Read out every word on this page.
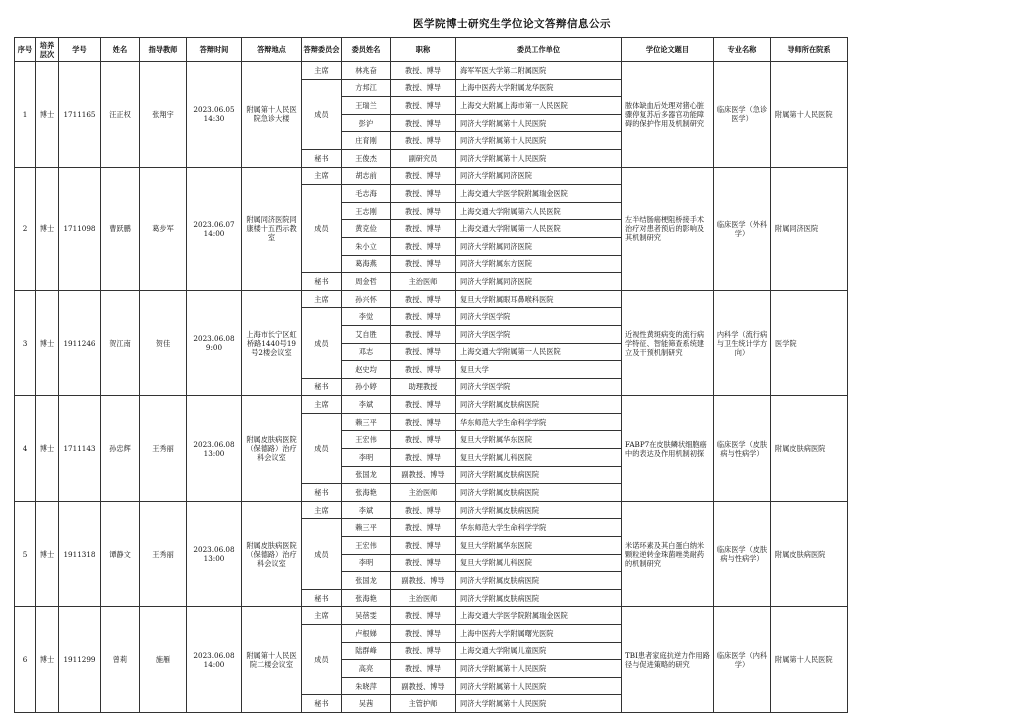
医学院博士研究生学位论文答辩信息公示
序号	培养层次	学号	姓名	指导教师	答辩时间	答辩地点	答辩委员会	委员姓名	职称	委员工作单位	学位论文题目	专业名称	导师所在院系
1	博士	1711165	汪正权	张翔宇	2023.06.05 14:30	附属第十人民医院急诊大楼	主席	林兆奋	教授、博导	海军军医大学第二附属医院	脓体缺血后处理对猪心脏骤停复苏后多器官功能障碍的保护作用及机制研究	临床医学（急诊医学）	附属第十人民医院
							成员	方邦江	教授、博导	上海中医药大学附属龙华医院			
								王瑞兰	教授、博导	上海交大附属上海市第一人民医院			
								彭沪	教授、博导	同济大学附属第十人民医院			
								庄育刚	教授、博导	同济大学附属第十人民医院			
							秘书	王俊杰	副研究员	同济大学附属第十人民医院			
2	博士	1711098	曹跃鹏	葛步军	2023.06.07 14:00	附属同济医院同康楼十五西示教室	主席	胡志前	教授、博导	同济大学附属同济医院	左半结肠癌梗阻桥接手术治疗对患者预后的影响及其机制研究	临床医学（外科学）	附属同济医院
							成员	毛志海	教授、博导	上海交通大学医学院附属瑞金医院			
								王志刚	教授、博导	上海交通大学附属第六人民医院			
								黄克俭	教授、博导	上海交通大学附属第一人民医院			
								朱小立	教授、博导	同济大学附属同济医院			
								葛海燕	教授、博导	同济大学附属东方医院			
							秘书	周金哲	主治医师	同济大学附属同济医院			
3	博士	1911246	贺江南	贺佳	2023.06.08 9:00	上海市长宁区虹桥路1440号19号2楼会议室	主席	孙兴怀	教授、博导	复旦大学附属眼耳鼻喉科医院	近视性黄斑病变的流行病学特征、智能筛查系统建立及干预机制研究	内科学（流行病与卫生统计学方向）	医学院
							成员	李觉	教授、博导	同济大学医学院			
								艾自胜	教授、博导	同济大学医学院			
								邓志	教授、博导	上海交通大学附属第一人民医院			
								赵史均	教授、博导	复旦大学			
							秘书	孙小婷	助理教授	同济大学医学院			
4	博士	1711143	孙忠辉	王秀丽	2023.06.08 13:00	附属皮肤病医院（保德路）治疗科会议室	主席	李斌	教授、博导	同济大学附属皮肤病医院	FABP7在皮肤鳞状细胞癌中的表达及作用机制初探	临床医学（皮肤病与性病学）	附属皮肤病医院
							成员	赖三平	教授、博导	华东师范大学生命科学学院			
								王宏伟	教授、博导	复旦大学附属华东医院			
								李明	教授、博导	复旦大学附属儿科医院			
								张国龙	副教授、博导	同济大学附属皮肤病医院			
							秘书	张海艳	主治医师	同济大学附属皮肤病医院			
5	博士	1911318	谭静文	王秀丽	2023.06.08 13:00	附属皮肤病医院（保德路）治疗科会议室	主席	李斌	教授、博导	同济大学附属皮肤病医院	米诺环素及其白蛋白纳米颗粒逆转金珠菌唑类耐药的机制研究	临床医学（皮肤病与性病学）	附属皮肤病医院
							成员	赖三平	教授、博导	华东师范大学生命科学学院			
								王宏伟	教授、博导	复旦大学附属华东医院			
								李明	教授、博导	复旦大学附属儿科医院			
								张国龙	副教授、博导	同济大学附属皮肤病医院			
							秘书	张海艳	主治医师	同济大学附属皮肤病医院			
6	博士	1911299	曾莉	施雁	2023.06.08 14:00	附属第十人民医院二楼会议室	主席	吴蓓雯	教授、博导	上海交通大学医学院附属瑞金医院	TBI患者家庭抗逆力作用路径与促进策略的研究	临床医学（内科学）	附属第十人民医院
							成员	卢根娣	教授、博导	上海中医药大学附属曙光医院			
								陆群峰	教授、博导	上海交通大学附属儿童医院			
								高亮	教授、博导	同济大学附属第十人民医院			
								朱晓萍	副教授、博导	同济大学附属第十人民医院			
							秘书	吴茜	主管护师	同济大学附属第十人民医院			
